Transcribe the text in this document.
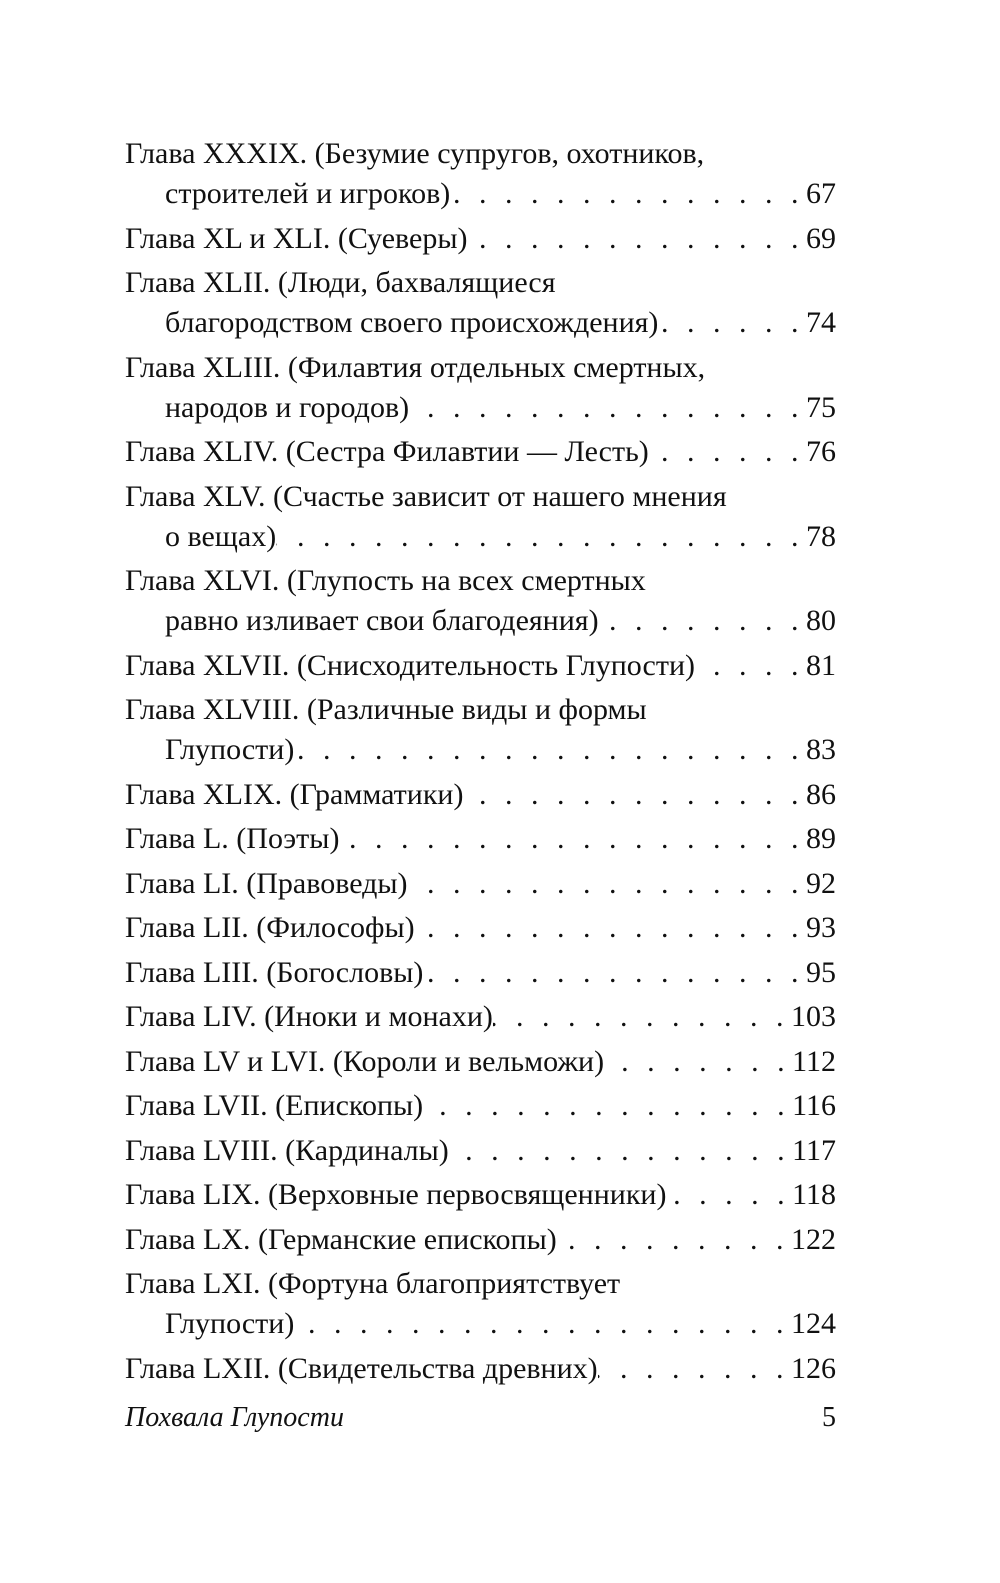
Глава XXXIX. (Безумие супругов, охотников,
строителей и игроков) . . .	67
Глава XL и XLI. (Суеверы) . . .	69
Глава XLII. (Люди, бахвалящиеся
благородством своего происхождения) . . .	74
Глава XLIII. (Филавтия отдельных смертных,
народов и городов) . . .	75
Глава XLIV. (Сестра Филавтии — Лесть) . . .	76
Глава XLV. (Счастье зависит от нашего мнения
о вещах) . . .	78
Глава XLVI. (Глупость на всех смертных
равно изливает свои благодеяния) . . .	80
Глава XLVII. (Снисходительность Глупости) . . .	81
Глава XLVIII. (Различные виды и формы
Глупости) . . .	83
Глава XLIX. (Грамматики) . . .	86
Глава L. (Поэты) . . .	89
Глава LI. (Правоведы) . . .	92
Глава LII. (Философы) . . .	93
Глава LIII. (Богословы) . . .	95
Глава LIV. (Иноки и монахи) . . .	103
Глава LV и LVI. (Короли и вельможи) . . .	112
Глава LVII. (Епископы) . . .	116
Глава LVIII. (Кардиналы) . . .	117
Глава LIX. (Верховные первосвященники) . . .	118
Глава LX. (Германские епископы) . . .	122
Глава LXI. (Фортуна благоприятствует
Глупости) . . .	124
Глава LXII. (Свидетельства древних) . . .	126
Похвала Глупости	5
